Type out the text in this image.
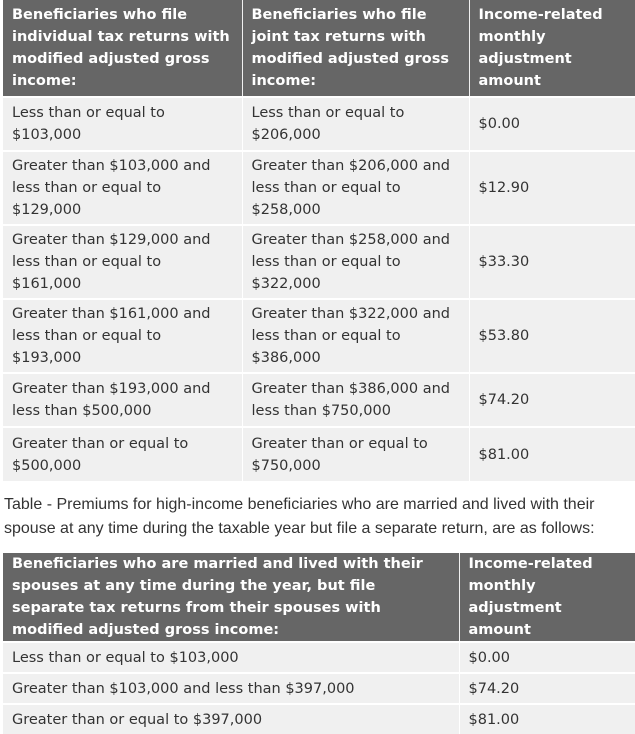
Beneficiaries who file individual tax returns with modified adjusted gross income:	Beneficiaries who file joint tax returns with modified adjusted gross income:	Income-related monthly adjustment amount
Less than or equal to $103,000	Less than or equal to $206,000	$0.00
Greater than $103,000 and less than or equal to $129,000	Greater than $206,000 and less than or equal to $258,000	$12.90
Greater than $129,000 and less than or equal to $161,000	Greater than $258,000 and less than or equal to $322,000	$33.30
Greater than $161,000 and less than or equal to $193,000	Greater than $322,000 and less than or equal to $386,000	$53.80
Greater than $193,000 and less than $500,000	Greater than $386,000 and less than $750,000	$74.20
Greater than or equal to $500,000	Greater than or equal to $750,000	$81.00

Table - Premiums for high-income beneficiaries who are married and lived with their spouse at any time during the taxable year but file a separate return, are as follows:

Beneficiaries who are married and lived with their spouses at any time during the year, but file separate tax returns from their spouses with modified adjusted gross income:	Income-related monthly adjustment amount
Less than or equal to $103,000	$0.00
Greater than $103,000 and less than $397,000	$74.20
Greater than or equal to $397,000	$81.00
